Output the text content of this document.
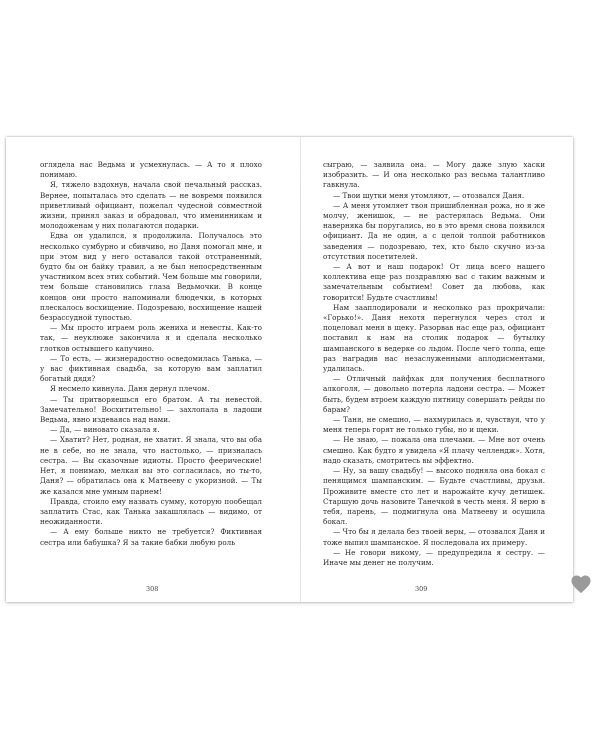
оглядела нас Ведьма и усмехнулась. — А то я плохо понимаю.

Я, тяжело вздохнув, начала свой печальный рассказ. Вернее, попыталась это сделать — не вовремя появился приветливый официант, пожелал чудесной совместной жизни, принял заказ и обрадовал, что именинникам и молодоженам у них полагаются подарки.

Едва он удалился, я продолжила. Получалось это несколько сумбурно и сбивчиво, но Даня помогал мне, и при этом вид у него оставался такой отстраненный, будто бы он байку травил, а не был непосредственным участником всех этих событий. Чем больше мы говорили, тем больше становились глаза Ведьмочки. В конце концов они просто напоминали блюдечки, в которых плескалось восхищение. Подозреваю, восхищение нашей безрассудной тупостью.

— Мы просто играем роль жениха и невесты. Как-то так, — неуклюже закончила я и сделала несколько глотков остывшего капучино.

— То есть, — жизнерадостно осведомилась Танька, — у вас фиктивная свадьба, за которую вам заплатил богатый дядя?

Я несмело кивнула. Даня дернул плечом.

— Ты притворяешься его братом. А ты невестой. Замечательно! Восхитительно! — захлопала в ладоши Ведьма, явно издеваясь над нами.

— Да, — виновато сказала я.

— Хватит? Нет, родная, не хватит. Я знала, что вы оба не в себе, но не знала, что настолько, — призналась сестра. — Вы сказочные идиоты. Просто феерические! Нет, я понимаю, мелкая вы это согласилась, но ты-то, Даня? — обратилась она к Матвееву с укоризной. — Ты же казался мне умным парнем!

Правда, стоило ему назвать сумму, которую пообещал заплатить Стас, как Танька закашлялась — видимо, от неожиданности.

— А ему больше никто не требуется? Фиктивная сестра или бабушка? Я за такие бабки любую роль

308

сыграю, — заявила она. — Могу даже злую хаски изобразить. — И она несколько раз весьма талантливо гавкнула.

— Твои шутки меня утомляют, — отозвался Даня.

— А меня утомляет твоя пришибленная рожа, но я же молчу, женишок, — не растерялась Ведьма. Они наверняка бы поругались, но в это время снова появился официант. Да не один, а с целой толпой работников заведения — подозреваю, тех, кто было скучно из-за отсутствия посетителей.

— А вот и наш подарок! От лица всего нашего коллектива еще раз поздравляю вас с таким важным и замечательным событием! Совет да любовь, как говорится! Будьте счастливы!

Нам зааплодировали и несколько раз прокричали: «Горько!». Даня нехотя перегнулся через стол и поцеловал меня в щеку. Разорвав нас еще раз, официант поставил к нам на столик подарок — бутылку шампанского в ведерке со льдом. После чего толпа, еще раз наградив нас незаслуженными аплодисментами, удалилась.

— Отличный лайфхак для получения бесплатного алкоголя, — довольно потерла ладони сестра. — Может быть, будем втроем каждую пятницу совершать рейды по барам?

— Таня, не смешно, — нахмурилась я, чувствуя, что у меня теперь горят не только губы, но и щеки.

— Не знаю, — пожала она плечами. — Мне вот очень смешно. Как будто я увидела «Я плачу челлендж». Хотя, надо сказать, смотритесь вы эффектно.

— Ну, за вашу свадьбу! — высоко подняла она бокал с пенящимся шампанским. — Будьте счастливы, друзья. Проживите вместе сто лет и нарожайте кучу детишек. Старшую дочь назовите Танечкой в честь меня. Я верю в тебя, парень, — подмигнула она Матвееву и осушила бокал.

— Что бы я делала без твоей веры, — отозвался Даня и тоже выпил шампанское. Я последовала их примеру.

— Не говори никому, — предупредила я сестру. — Иначе мы денег не получим.

309
